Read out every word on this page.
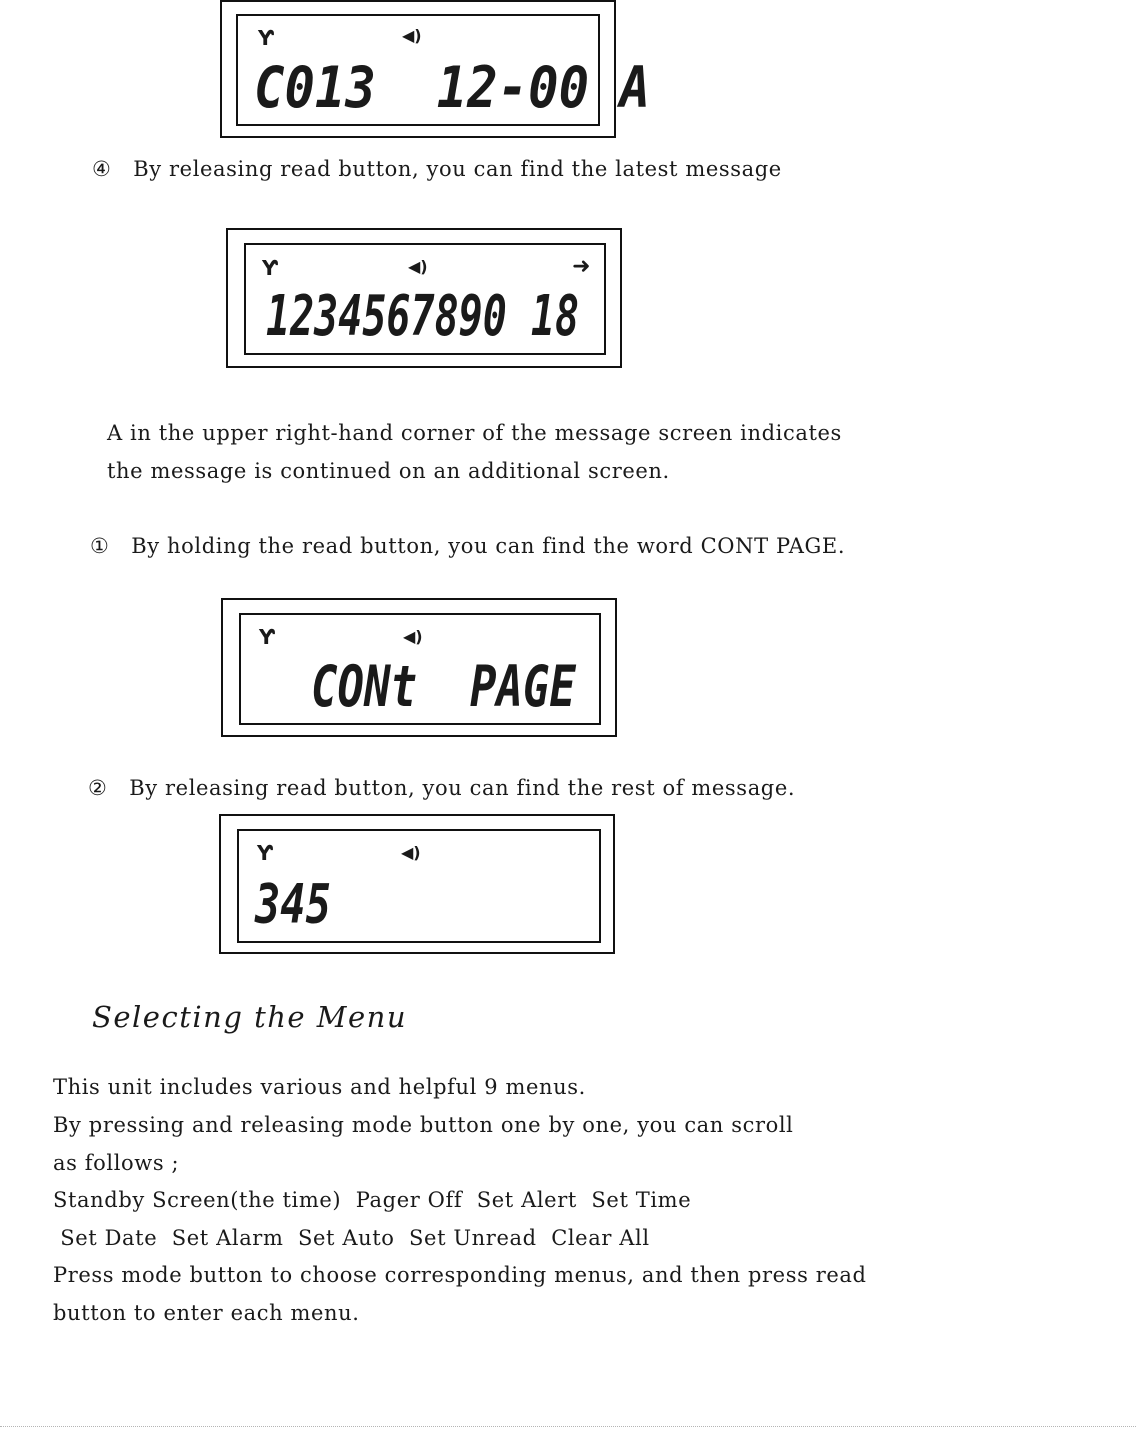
Ƴ	◀)
C013  12-00 A
④   By releasing read button, you can find the latest message
Ƴ	◀)	➜
1234567890 18
A in the upper right-hand corner of the message screen indicates
the message is continued on an additional screen.
①   By holding the read button, you can find the word CONT PAGE.
Ƴ	◀)
CONt  PAGE
②   By releasing read button, you can find the rest of message.
Ƴ	◀)
345
Selecting the Menu
This unit includes various and helpful 9 menus.
By pressing and releasing mode button one by one, you can scroll
as follows ;
Standby Screen(the time)  Pager Off  Set Alert  Set Time
Set Date  Set Alarm  Set Auto  Set Unread  Clear All
Press mode button to choose corresponding menus, and then press read
button to enter each menu.
